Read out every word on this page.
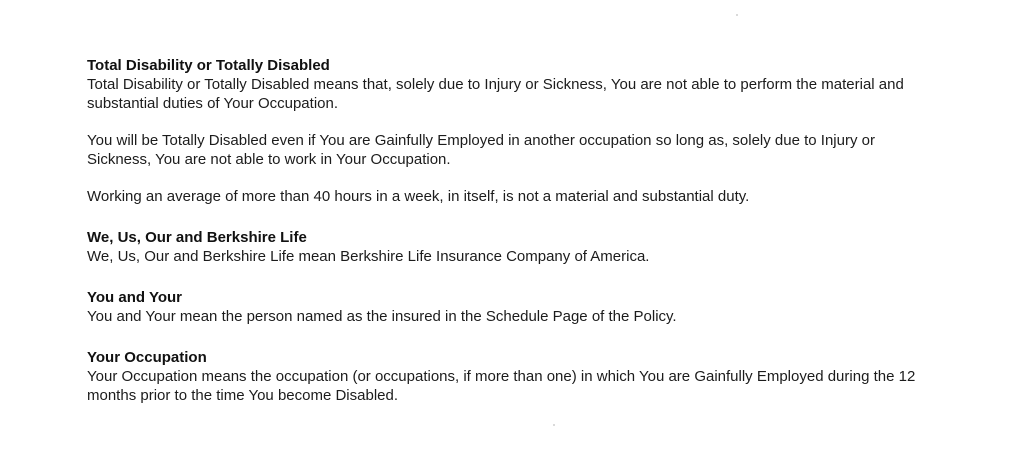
Total Disability or Totally Disabled

Total Disability or Totally Disabled means that, solely due to Injury or Sickness, You are not able to perform the material and substantial duties of Your Occupation.

You will be Totally Disabled even if You are Gainfully Employed in another occupation so long as, solely due to Injury or Sickness, You are not able to work in Your Occupation.

Working an average of more than 40 hours in a week, in itself, is not a material and substantial duty.

We, Us, Our and Berkshire Life

We, Us, Our and Berkshire Life mean Berkshire Life Insurance Company of America.

You and Your

You and Your mean the person named as the insured in the Schedule Page of the Policy.

Your Occupation

Your Occupation means the occupation (or occupations, if more than one) in which You are Gainfully Employed during the 12 months prior to the time You become Disabled.
